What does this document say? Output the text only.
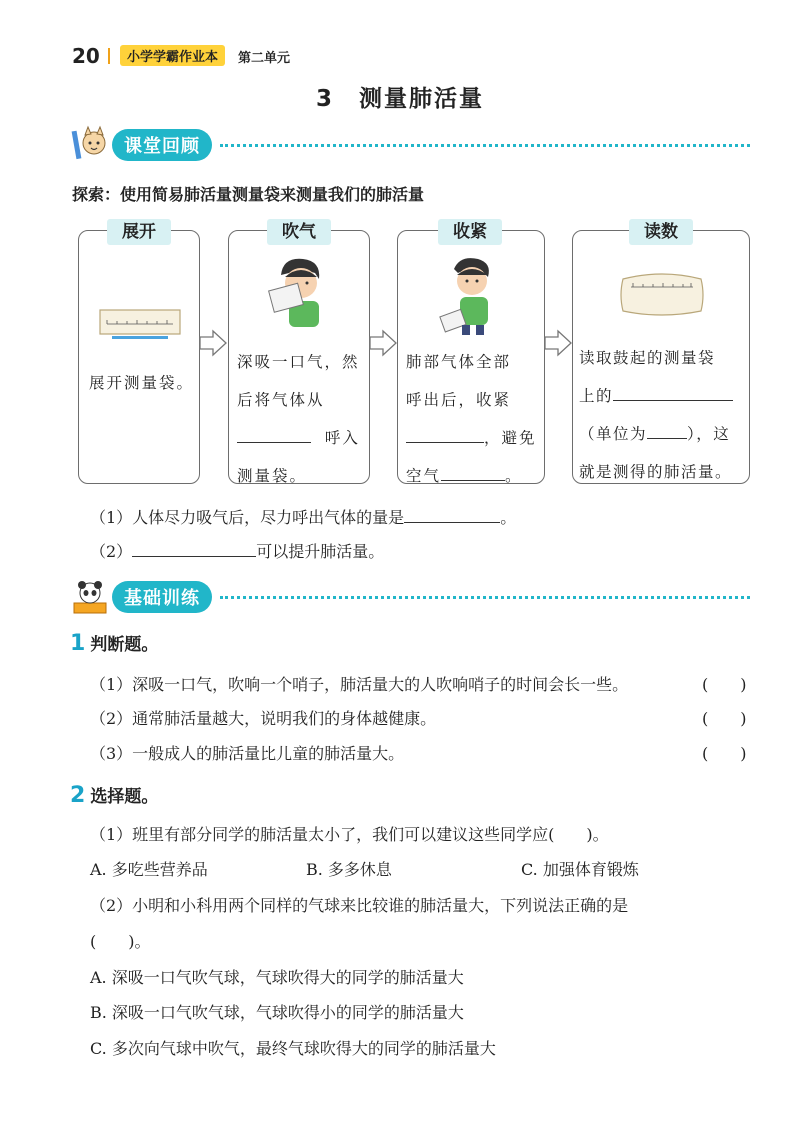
20	小学学霸作业本	第二单元
3　测量肺活量
课堂回顾
探索：使用简易肺活量测量袋来测量我们的肺活量
展开
展开测量袋。
吹气
深吸一口气，然
后将气体从
呼入
测量袋。
收紧
肺部气体全部
呼出后，收紧
，避免
空气	。
读数
读取鼓起的测量袋
上的
（单位为	），这
就是测得的肺活量。
（1）人体尽力吸气后，尽力呼出气体的量是	。
（2）	可以提升肺活量。
基础训练
1 判断题。
（1）深吸一口气，吹响一个哨子，肺活量大的人吹响哨子的时间会长一些。	(　　)
（2）通常肺活量越大，说明我们的身体越健康。	(　　)
（3）一般成人的肺活量比儿童的肺活量大。	(　　)
2 选择题。
（1）班里有部分同学的肺活量太小了，我们可以建议这些同学应(　　)。
A. 多吃些营养品	B. 多多休息	C. 加强体育锻炼
（2）小明和小科用两个同样的气球来比较谁的肺活量大，下列说法正确的是
(　　)。
A. 深吸一口气吹气球，气球吹得大的同学的肺活量大
B. 深吸一口气吹气球，气球吹得小的同学的肺活量大
C. 多次向气球中吹气，最终气球吹得大的同学的肺活量大
